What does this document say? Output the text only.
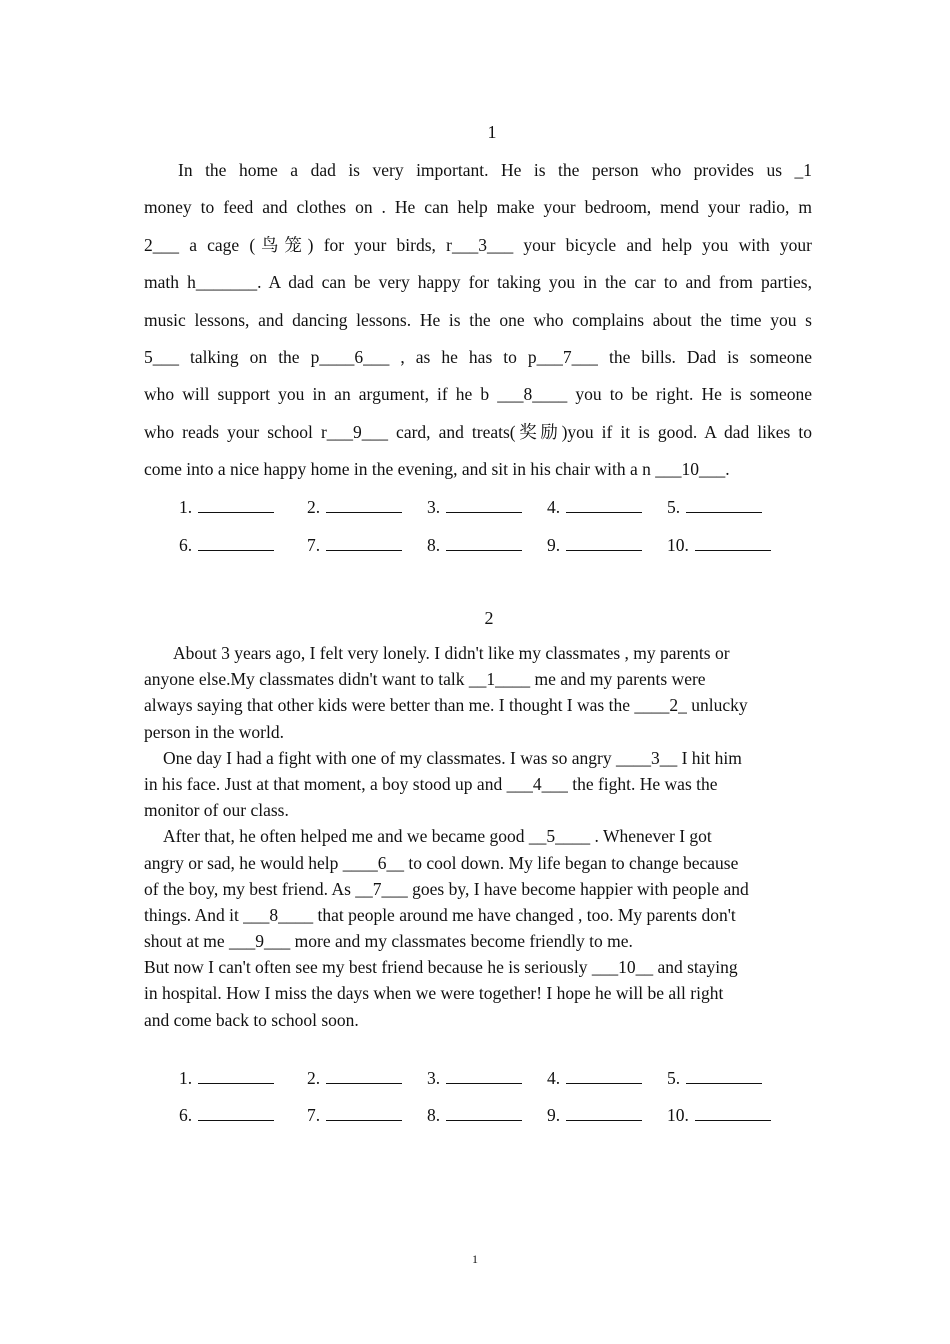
1
In the home a dad is very important. He is the person who provides us _1
money to feed and clothes on . He can help make your bedroom, mend your radio, m
2___ a cage (鸟笼) for your birds, r___3___ your bicycle and help you with your
math h_______. A dad can be very happy for taking you in the car to and from parties,
music lessons, and dancing lessons. He is the one who complains about the time you s
5___ talking on the p____6___ , as he has to p___7___ the bills. Dad is someone
who will support you in an argument, if he b ___8____ you to be right. He is someone
who reads your school r___9___ card, and treats(奖励)you if it is good. A dad likes to
come into a nice happy home in the evening, and sit in his chair with a n ___10___.
1.	2.	3.	4.	5.
6.	7.	8.	9.	10.
2
About 3 years ago, I felt very lonely. I didn't like my classmates , my parents or
anyone else.My classmates didn't want to talk __1____ me and my parents were
always saying that other kids were better than me. I thought I was the ____2_ unlucky
person in the world.
One day I had a fight with one of my classmates. I was so angry ____3__ I hit him
in his face. Just at that moment, a boy stood up and ___4___ the fight. He was the
monitor of our class.
After that, he often helped me and we became good __5____ . Whenever I got
angry or sad, he would help ____6__ to cool down. My life began to change because
of the boy, my best friend. As __7___ goes by, I have become happier with people and
things. And it ___8____ that people around me have changed , too. My parents don't
shout at me ___9___ more and my classmates become friendly to me.
But now I can't often see my best friend because he is seriously ___10__ and staying
in hospital. How I miss the days when we were together! I hope he will be all right
and come back to school soon.
1.	2.	3.	4.	5.
6.	7.	8.	9.	10.
1
